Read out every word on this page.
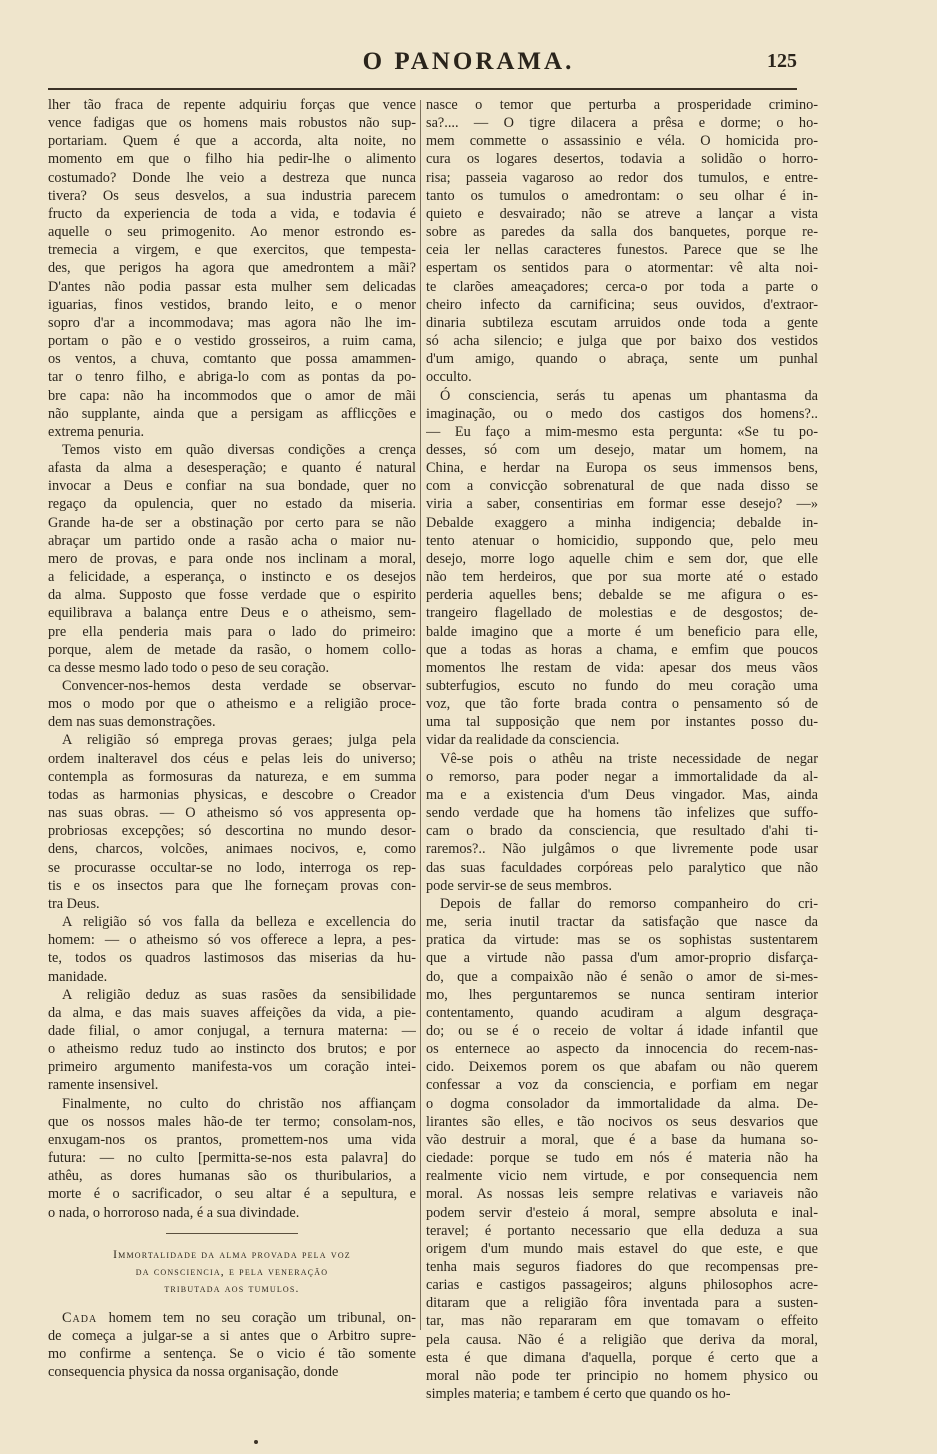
O PANORAMA.	125
lher tão fraca de repente adquiriu forças que vence
vence fadigas que os homens mais robustos não sup-
portariam. Quem é que a accorda, alta noite, no
momento em que o filho hia pedir-lhe o alimento
costumado? Donde lhe veio a destreza que nunca
tivera? Os seus desvelos, a sua industria parecem
fructo da experiencia de toda a vida, e todavia é
aquelle o seu primogenito. Ao menor estrondo es-
tremecia a virgem, e que exercitos, que tempesta-
des, que perigos ha agora que amedrontem a mãi?
D'antes não podia passar esta mulher sem delicadas
iguarias, finos vestidos, brando leito, e o menor
sopro d'ar a incommodava; mas agora não lhe im-
portam o pão e o vestido grosseiros, a ruim cama,
os ventos, a chuva, comtanto que possa amammen-
tar o tenro filho, e abriga-lo com as pontas da po-
bre capa: não ha incommodos que o amor de mãi
não supplante, ainda que a persigam as afflicções e
extrema penuria.
Temos visto em quão diversas condições a crença
afasta da alma a desesperação; e quanto é natural
invocar a Deus e confiar na sua bondade, quer no
regaço da opulencia, quer no estado da miseria.
Grande ha-de ser a obstinação por certo para se não
abraçar um partido onde a rasão acha o maior nu-
mero de provas, e para onde nos inclinam a moral,
a felicidade, a esperança, o instincto e os desejos
da alma. Supposto que fosse verdade que o espirito
equilibrava a balança entre Deus e o atheismo, sem-
pre ella penderia mais para o lado do primeiro:
porque, alem de metade da rasão, o homem collo-
ca desse mesmo lado todo o peso de seu coração.
Convencer-nos-hemos desta verdade se observar-
mos o modo por que o atheismo e a religião proce-
dem nas suas demonstrações.
A religião só emprega provas geraes; julga pela
ordem inalteravel dos céus e pelas leis do universo;
contempla as formosuras da natureza, e em summa
todas as harmonias physicas, e descobre o Creador
nas suas obras. — O atheismo só vos appresenta op-
probriosas excepções; só descortina no mundo desor-
dens, charcos, volcões, animaes nocivos, e, como
se procurasse occultar-se no lodo, interroga os rep-
tis e os insectos para que lhe forneçam provas con-
tra Deus.
A religião só vos falla da belleza e excellencia do
homem: — o atheismo só vos offerece a lepra, a pes-
te, todos os quadros lastimosos das miserias da hu-
manidade.
A religião deduz as suas rasões da sensibilidade
da alma, e das mais suaves affeições da vida, a pie-
dade filial, o amor conjugal, a ternura materna: —
o atheismo reduz tudo ao instincto dos brutos; e por
primeiro argumento manifesta-vos um coração intei-
ramente insensivel.
Finalmente, no culto do christão nos affiançam
que os nossos males hão-de ter termo; consolam-nos,
enxugam-nos os prantos, promettem-nos uma vida
futura: — no culto [permitta-se-nos esta palavra] do
athêu, as dores humanas são os thuribularios, a
morte é o sacrificador, o seu altar é a sepultura, e
o nada, o horroroso nada, é a sua divindade.
Immortalidade da alma provada pela voz
da consciencia, e pela veneração
tributada aos tumulos.
Cada homem tem no seu coração um tribunal, on-
de começa a julgar-se a si antes que o Arbitro supre-
mo confirme a sentença. Se o vicio é tão somente
consequencia physica da nossa organisação, donde
nasce o temor que perturba a prosperidade crimino-
sa?.... — O tigre dilacera a prêsa e dorme; o ho-
mem commette o assassinio e véla. O homicida pro-
cura os logares desertos, todavia a solidão o horro-
risa; passeia vagaroso ao redor dos tumulos, e entre-
tanto os tumulos o amedrontam: o seu olhar é in-
quieto e desvairado; não se atreve a lançar a vista
sobre as paredes da salla dos banquetes, porque re-
ceia ler nellas caracteres funestos. Parece que se lhe
espertam os sentidos para o atormentar: vê alta noi-
te clarões ameaçadores; cerca-o por toda a parte o
cheiro infecto da carnificina; seus ouvidos, d'extraor-
dinaria subtileza escutam arruidos onde toda a gente
só acha silencio; e julga que por baixo dos vestidos
d'um amigo, quando o abraça, sente um punhal
occulto.
Ó consciencia, serás tu apenas um phantasma da
imaginação, ou o medo dos castigos dos homens?..
— Eu faço a mim-mesmo esta pergunta: «Se tu po-
desses, só com um desejo, matar um homem, na
China, e herdar na Europa os seus immensos bens,
com a convicção sobrenatural de que nada disso se
viria a saber, consentirias em formar esse desejo? —»
Debalde exaggero a minha indigencia; debalde in-
tento atenuar o homicidio, suppondo que, pelo meu
desejo, morre logo aquelle chim e sem dor, que elle
não tem herdeiros, que por sua morte até o estado
perderia aquelles bens; debalde se me afigura o es-
trangeiro flagellado de molestias e de desgostos; de-
balde imagino que a morte é um beneficio para elle,
que a todas as horas a chama, e emfim que poucos
momentos lhe restam de vida: apesar dos meus vãos
subterfugios, escuto no fundo do meu coração uma
voz, que tão forte brada contra o pensamento só de
uma tal supposição que nem por instantes posso du-
vidar da realidade da consciencia.
Vê-se pois o athêu na triste necessidade de negar
o remorso, para poder negar a immortalidade da al-
ma e a existencia d'um Deus vingador. Mas, ainda
sendo verdade que ha homens tão infelizes que suffo-
cam o brado da consciencia, que resultado d'ahi ti-
raremos?.. Não julgâmos o que livremente pode usar
das suas faculdades corpóreas pelo paralytico que não
pode servir-se de seus membros.
Depois de fallar do remorso companheiro do cri-
me, seria inutil tractar da satisfação que nasce da
pratica da virtude: mas se os sophistas sustentarem
que a virtude não passa d'um amor-proprio disfarça-
do, que a compaixão não é senão o amor de si-mes-
mo, lhes perguntaremos se nunca sentiram interior
contentamento, quando acudiram a algum desgraça-
do; ou se é o receio de voltar á idade infantil que
os enternece ao aspecto da innocencia do recem-nas-
cido. Deixemos porem os que abafam ou não querem
confessar a voz da consciencia, e porfiam em negar
o dogma consolador da immortalidade da alma. De-
lirantes são elles, e tão nocivos os seus desvarios que
vão destruir a moral, que é a base da humana so-
ciedade: porque se tudo em nós é materia não ha
realmente vicio nem virtude, e por consequencia nem
moral. As nossas leis sempre relativas e variaveis não
podem servir d'esteio á moral, sempre absoluta e inal-
teravel; é portanto necessario que ella deduza a sua
origem d'um mundo mais estavel do que este, e que
tenha mais seguros fiadores do que recompensas pre-
carias e castigos passageiros; alguns philosophos acre-
ditaram que a religião fôra inventada para a susten-
tar, mas não repararam em que tomavam o effeito
pela causa. Não é a religião que deriva da moral,
esta é que dimana d'aquella, porque é certo que a
moral não pode ter principio no homem physico ou
simples materia; e tambem é certo que quando os ho-
